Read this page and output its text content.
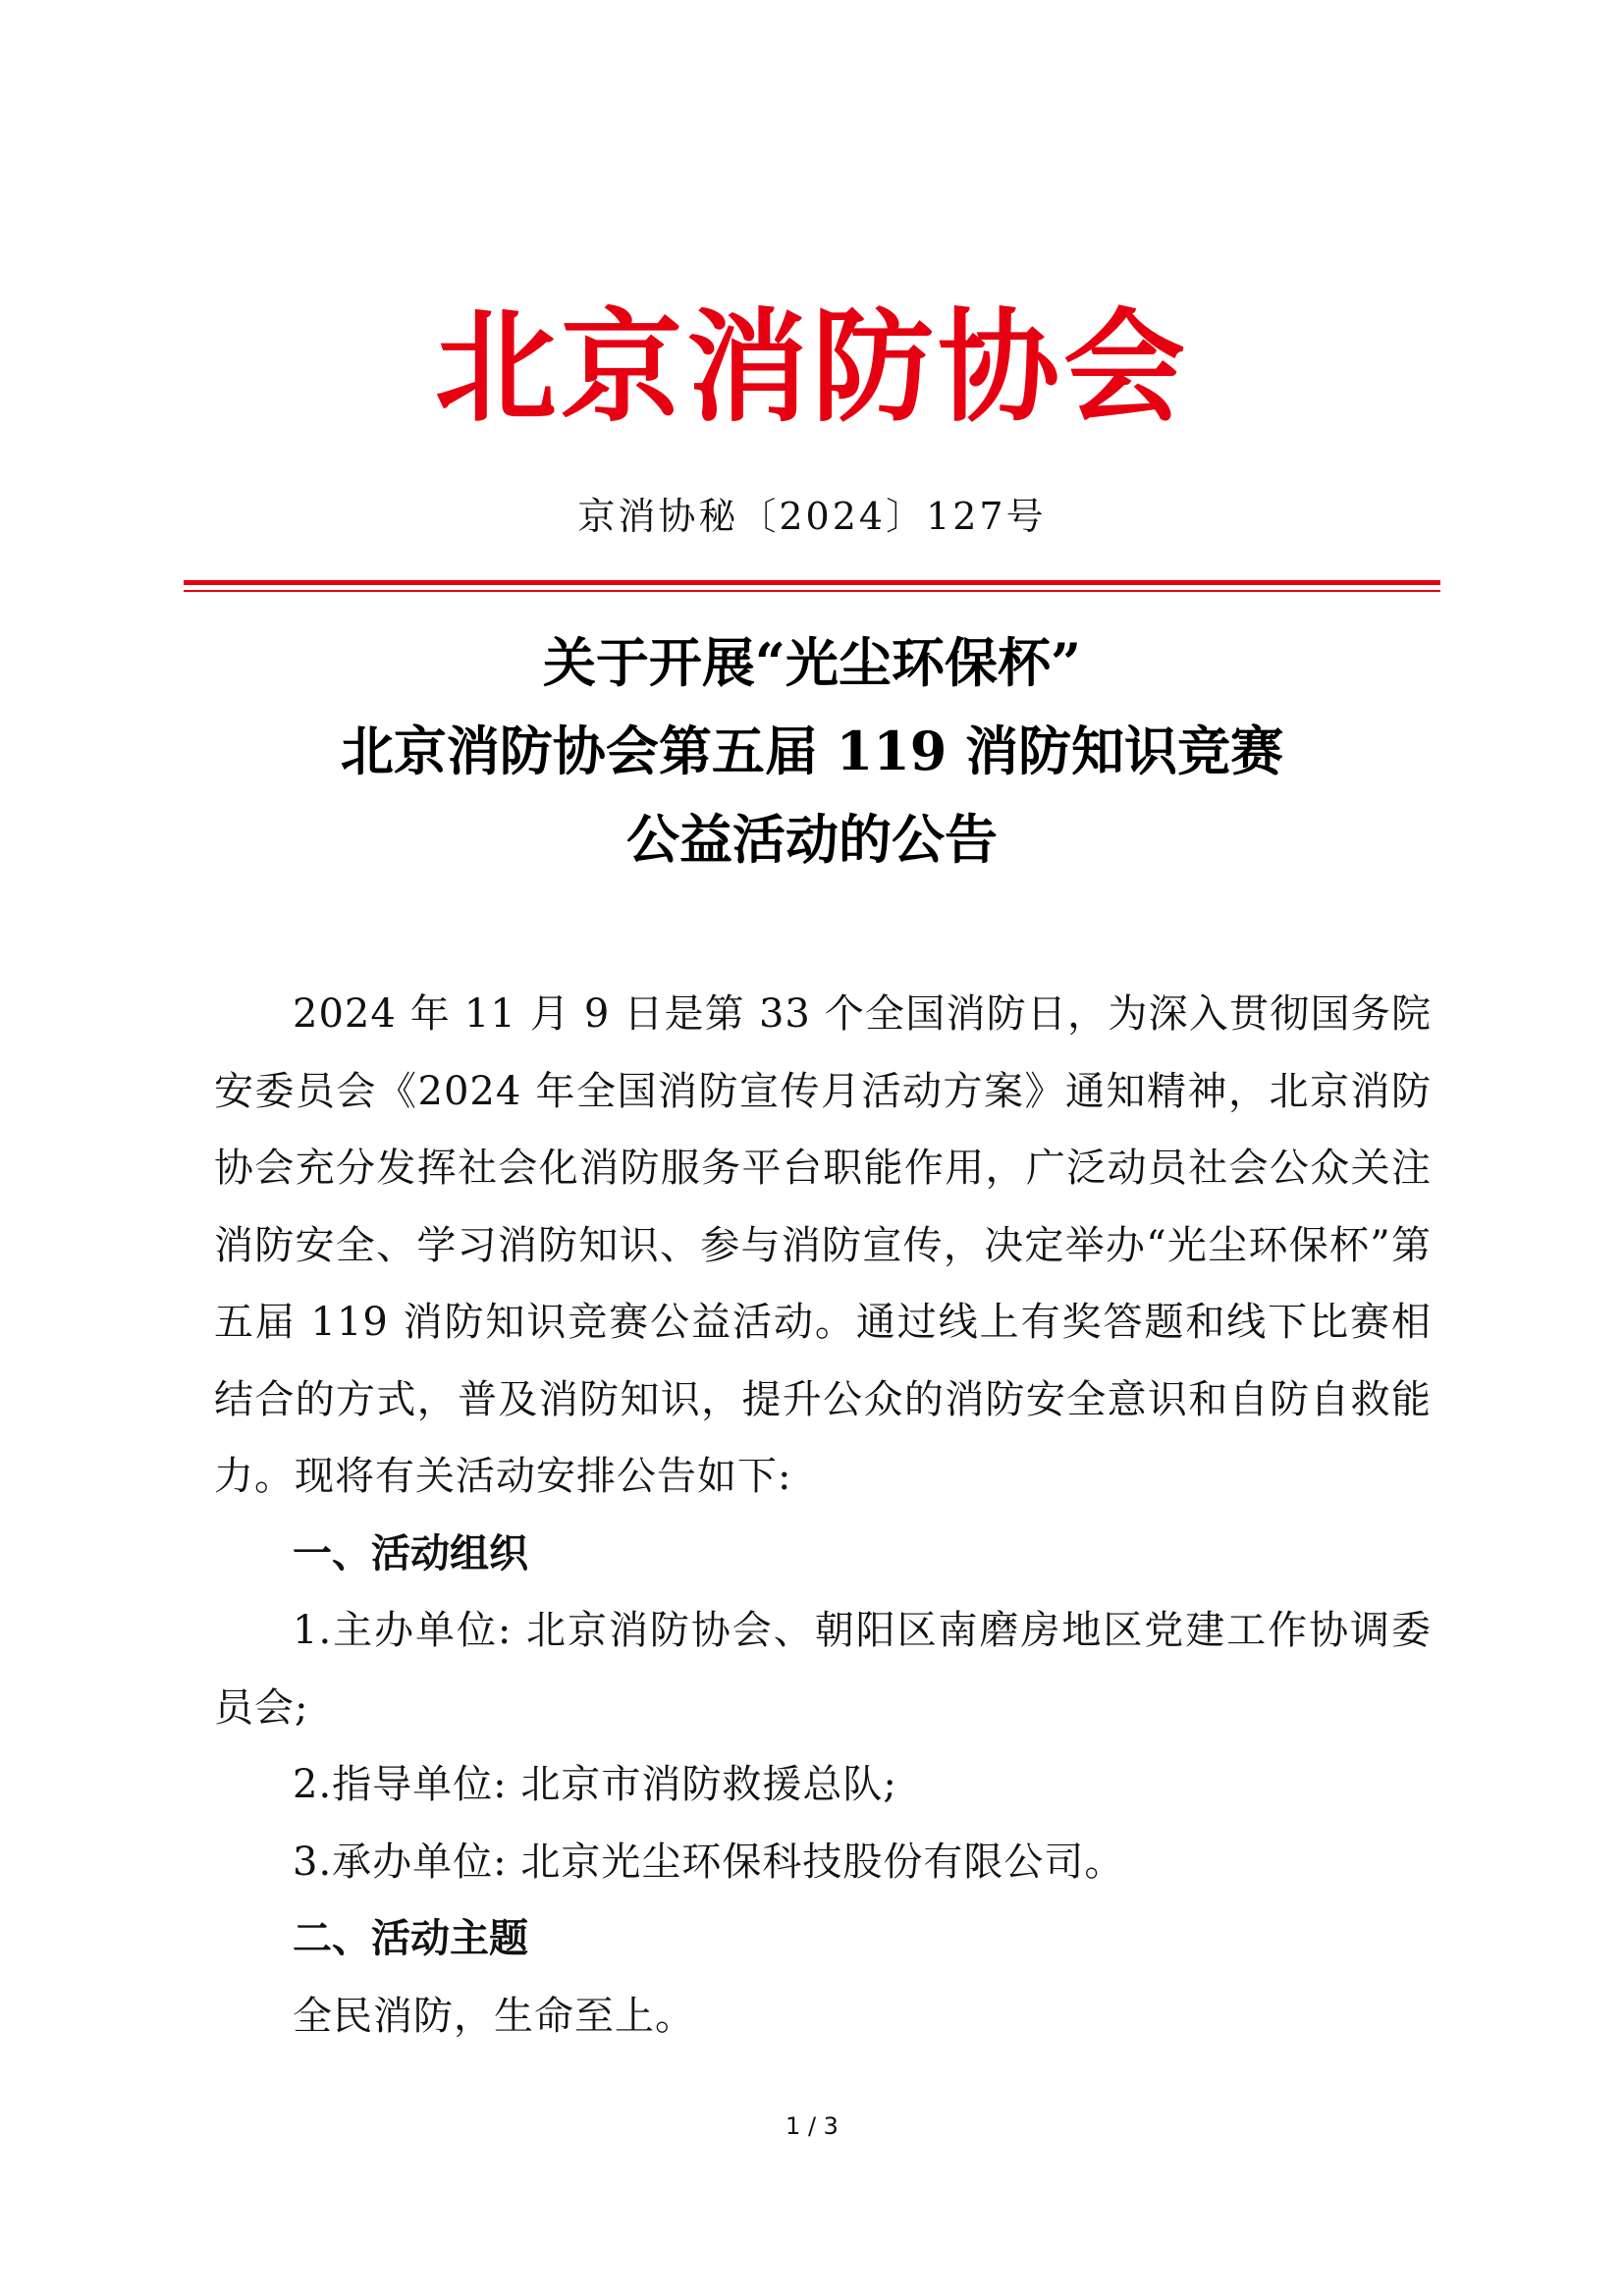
北京消防协会
京消协秘〔2024〕127号
关于开展“光尘环保杯”
北京消防协会第五届 119 消防知识竞赛
公益活动的公告

2024 年 11 月 9 日是第 33 个全国消防日，为深入贯彻国务院安委员会《2024 年全国消防宣传月活动方案》通知精神，北京消防协会充分发挥社会化消防服务平台职能作用，广泛动员社会公众关注消防安全、学习消防知识、参与消防宣传，决定举办“光尘环保杯”第五届 119 消防知识竞赛公益活动。通过线上有奖答题和线下比赛相结合的方式，普及消防知识，提升公众的消防安全意识和自防自救能力。现将有关活动安排公告如下:

一、活动组织

1.主办单位: 北京消防协会、朝阳区南磨房地区党建工作协调委员会;

2.指导单位: 北京市消防救援总队;

3.承办单位: 北京光尘环保科技股份有限公司。

二、活动主题

全民消防，生命至上。

1 / 3
